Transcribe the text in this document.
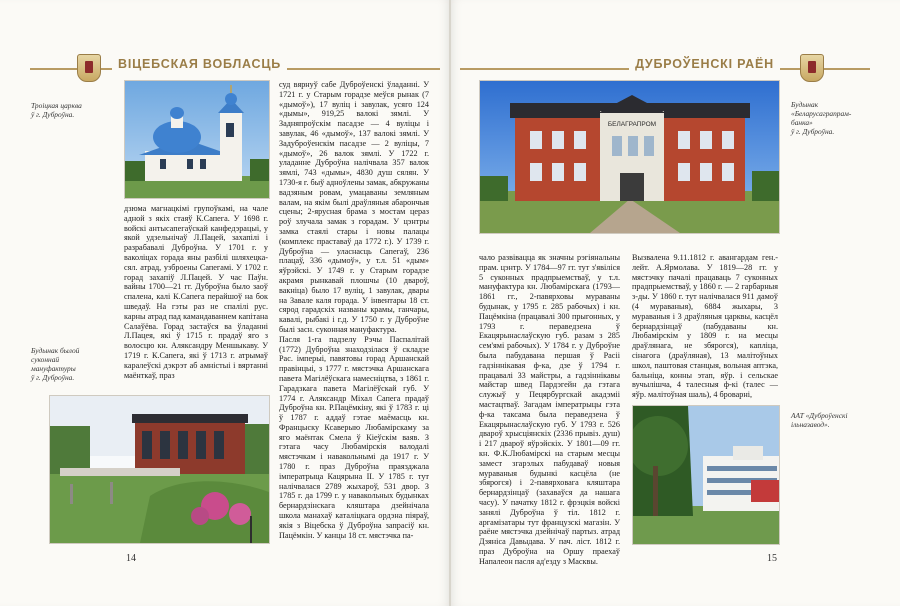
ВІЦЕБСКАЯ ВОБЛАСЦЬ	ДУБРОЎЕНСКІ РАЁН
Троіцкая царква
ў г. Дуброўна.

дзюма магнацкімі групоўкамі, на чале адной з якіх стаяў К.Сапега. У 1698 г. войскі антысапегаўскай канфедэрацыі, у якой удзельнічаў Л.Пацей, захапілі і разрабавалі Дуброўна. У 1701 г. у ваколіцах горада яны разбілі шляхецка-сял. атрад, узброены Сапегамі. У 1702 г. горад захапіў Л.Пацей. У час Паўн. вайны 1700—21 гг. Дуброўна было заоў спалена, калі К.Сапега перайшоў на бок шведаў. На гэты раз не спалілі рус. карны атрад пад камандаваннем капітана Салаўёва. Горад застаўся ва ўладанні Л.Пацея, які ў 1715 г. прадаў яго з волосцю кн. Аляксандру Меншыкаву. У 1719 г. К.Сапега, які ў 1713 г. атрымаў каралеўскі дэкрэт аб амністыі і вяртанні маёнткаў, праз

Будынак былой
суконнай
мануфактуры
ў г. Дуброўна.

суд вярнуў сабе Дуброўенскі ўладанні. У 1721 г. у Старым горадзе меўся рынак (7 «дымоў»), 17 вуліц і завулак, усяго 124 «дымы», 919,25 валокі зямлі. У Задняпроўскім пасадзе — 4 вуліцы і завулак, 46 «дымоў», 137 валокі зямлі. У Задуброўенскім пасадзе — 2 вуліцы, 7 «дымоў», 26 валок зямлі. У 1722 г. уладанне Дуброўна налічвала 357 валок зямлі, 743 «дымы», 4830 душ сялян. У 1730-я г. быў адноўлены замак, абкружаны вадзяным ровам, умацаваны земляным валам, на якім былі драўляныя абарончыя сцены; 2-ярусная брама з мостам цераз роў злучала замак з горадам. У цэнтры замка стаялі стары і новы палацы (комплекс праставаў да 1772 г.). У 1739 г. Дуброўна — уласнасць Сапегаў, 236 плацаў, 336 «дымоў», у т.л. 51 «дым» яўрэйскі. У 1749 г. у Старым горадзе акрамя рынкавай плошчы (10 двароў, вакніца) было 17 вуліц, 1 завулак, двары на Завале каля горада. У інвентары 18 ст. сярод гарадскіх названы крамы, ганчары, кавалі, рыбакі і г.д. У 1750 г. у Дуброўне былі засн. суконная мануфактура.
Пасля 1-га падзелу Рэчы Паспалітай (1772) Дуброўна знаходзілася ў складзе Рас. імперыі, павятовы горад Аршанскай правінцыі, з 1777 г. мястэчка Аршанскага павета Магілёўскага намесніцтва, з 1861 г. Гарадзкага павета Магілёўскай губ. У 1774 г. Аляксандр Міхал Сапега прадаў Дуброўна кн. Р.Пацёмкіну, які ў 1783 г. ці ў 1787 г. аддаў гэтае маёмасць кн. Францыску Ксаверыю Любамірскаму за яго маёнтак Смела ў Кіеўскім ваяв. З гэтага часу Любамірскія валодалі мястэчкам і навакольнымі да 1917 г. У 1780 г. праз Дуброўна праязджала імператрыца Кацярына II. У 1785 г. тут налічвалася 2789 жыхароў, 531 двор. З 1785 г. да 1799 г. у навакольных будынках бернардзінскага кляштара дзейнічала школа манахаў каталіцкага ордэна піяраў, якія з Віцебска ў Дуброўна запрасіў кн. Пацёмкін. У канцы 18 ст. мястэчка па-

БЕЛАГРАПРОМ
Будынак
«Беларусаграпрам-
банка»
ў г. Дуброўна.

чало развівацца як значны рэгіянальны прам. цэнтр. У 1784—97 гг. тут з'явіліся 5 суконных прадпрыемстваў, у т.л. мануфактура кн. Любамірскага (1793—1861 гг., 2-павярховы мураваны будынак, у 1795 г. 285 рабочых) і кн. Пацёмкіна (працавалі 300 прыгонных, у 1793 г. пераведзена ў Екацярынаслаўскую губ. разам з 285 сем'ямі рабочых). У 1784 г. у Дуброўне была пабудавана першая ў Расіі гадзіннікавая ф-ка, дзе ў 1794 г. працавалі 33 майстры, а гадзіннікавы майстар швед Пардэгейн да гэтага служыў у Пецярбургскай акадэміі мастацтваў. Загадам імператрыцы гэта ф-ка таксама была пераведзена ў Екацярынаслаўскую губ. У 1793 г. 526 двароў хрысціянскіх (2336 прывіз. душ) і 217 двароў яўрэйскіх. У 1801—09 гг. кн. Ф.К.Любамірскі на старым месцы замест згарэлых пабудаваў новыя мураваныя будынкі касцёла (не збярогся) і 2-павярховага кляштара бернардзінцаў (захаваўся да нашага часу). У пачатку 1812 г. фрэцкія войскі занялі Дуброўна ў тіл. 1812 г. аргамізатары тут французскі магазін. У раёне мястэчка дзейнічаў партыз. атрад Дзяніса Давыдава. У пач. ліст. 1812 г. праз Дуброўна на Оршу праехаў Напалеон пасля ад'езду з Масквы.

Вызвалена 9.11.1812 г. авангардам ген.-лейт. А.Ярмолава. У 1819—28 гг. у мястэчку пачалі працаваць 7 суконных прадпрыемстваў, у 1860 г. — 2 гарбарныя з-ды. У 1860 г. тут налічвалася 911 дамоў (4 мураваныя), 6884 жыхары, 3 мураваныя і 3 драўляныя царквы, касцёл бернардзінцаў (пабудаваны кн. Любамірскім у 1809 г. на месцы драўлянага, не збярогся), капліца, сінагога (драўляная), 13 малітоўных школ, паштовая станцыя, вольная аптэка, бальніца, конны этап, яўр. і сельскае вучылішча, 4 талесныя ф-кі (талес — яўр. малітоўная шаль), 4 броварні,

ААТ «Дуброўенскі
ільназавод».
14	15
